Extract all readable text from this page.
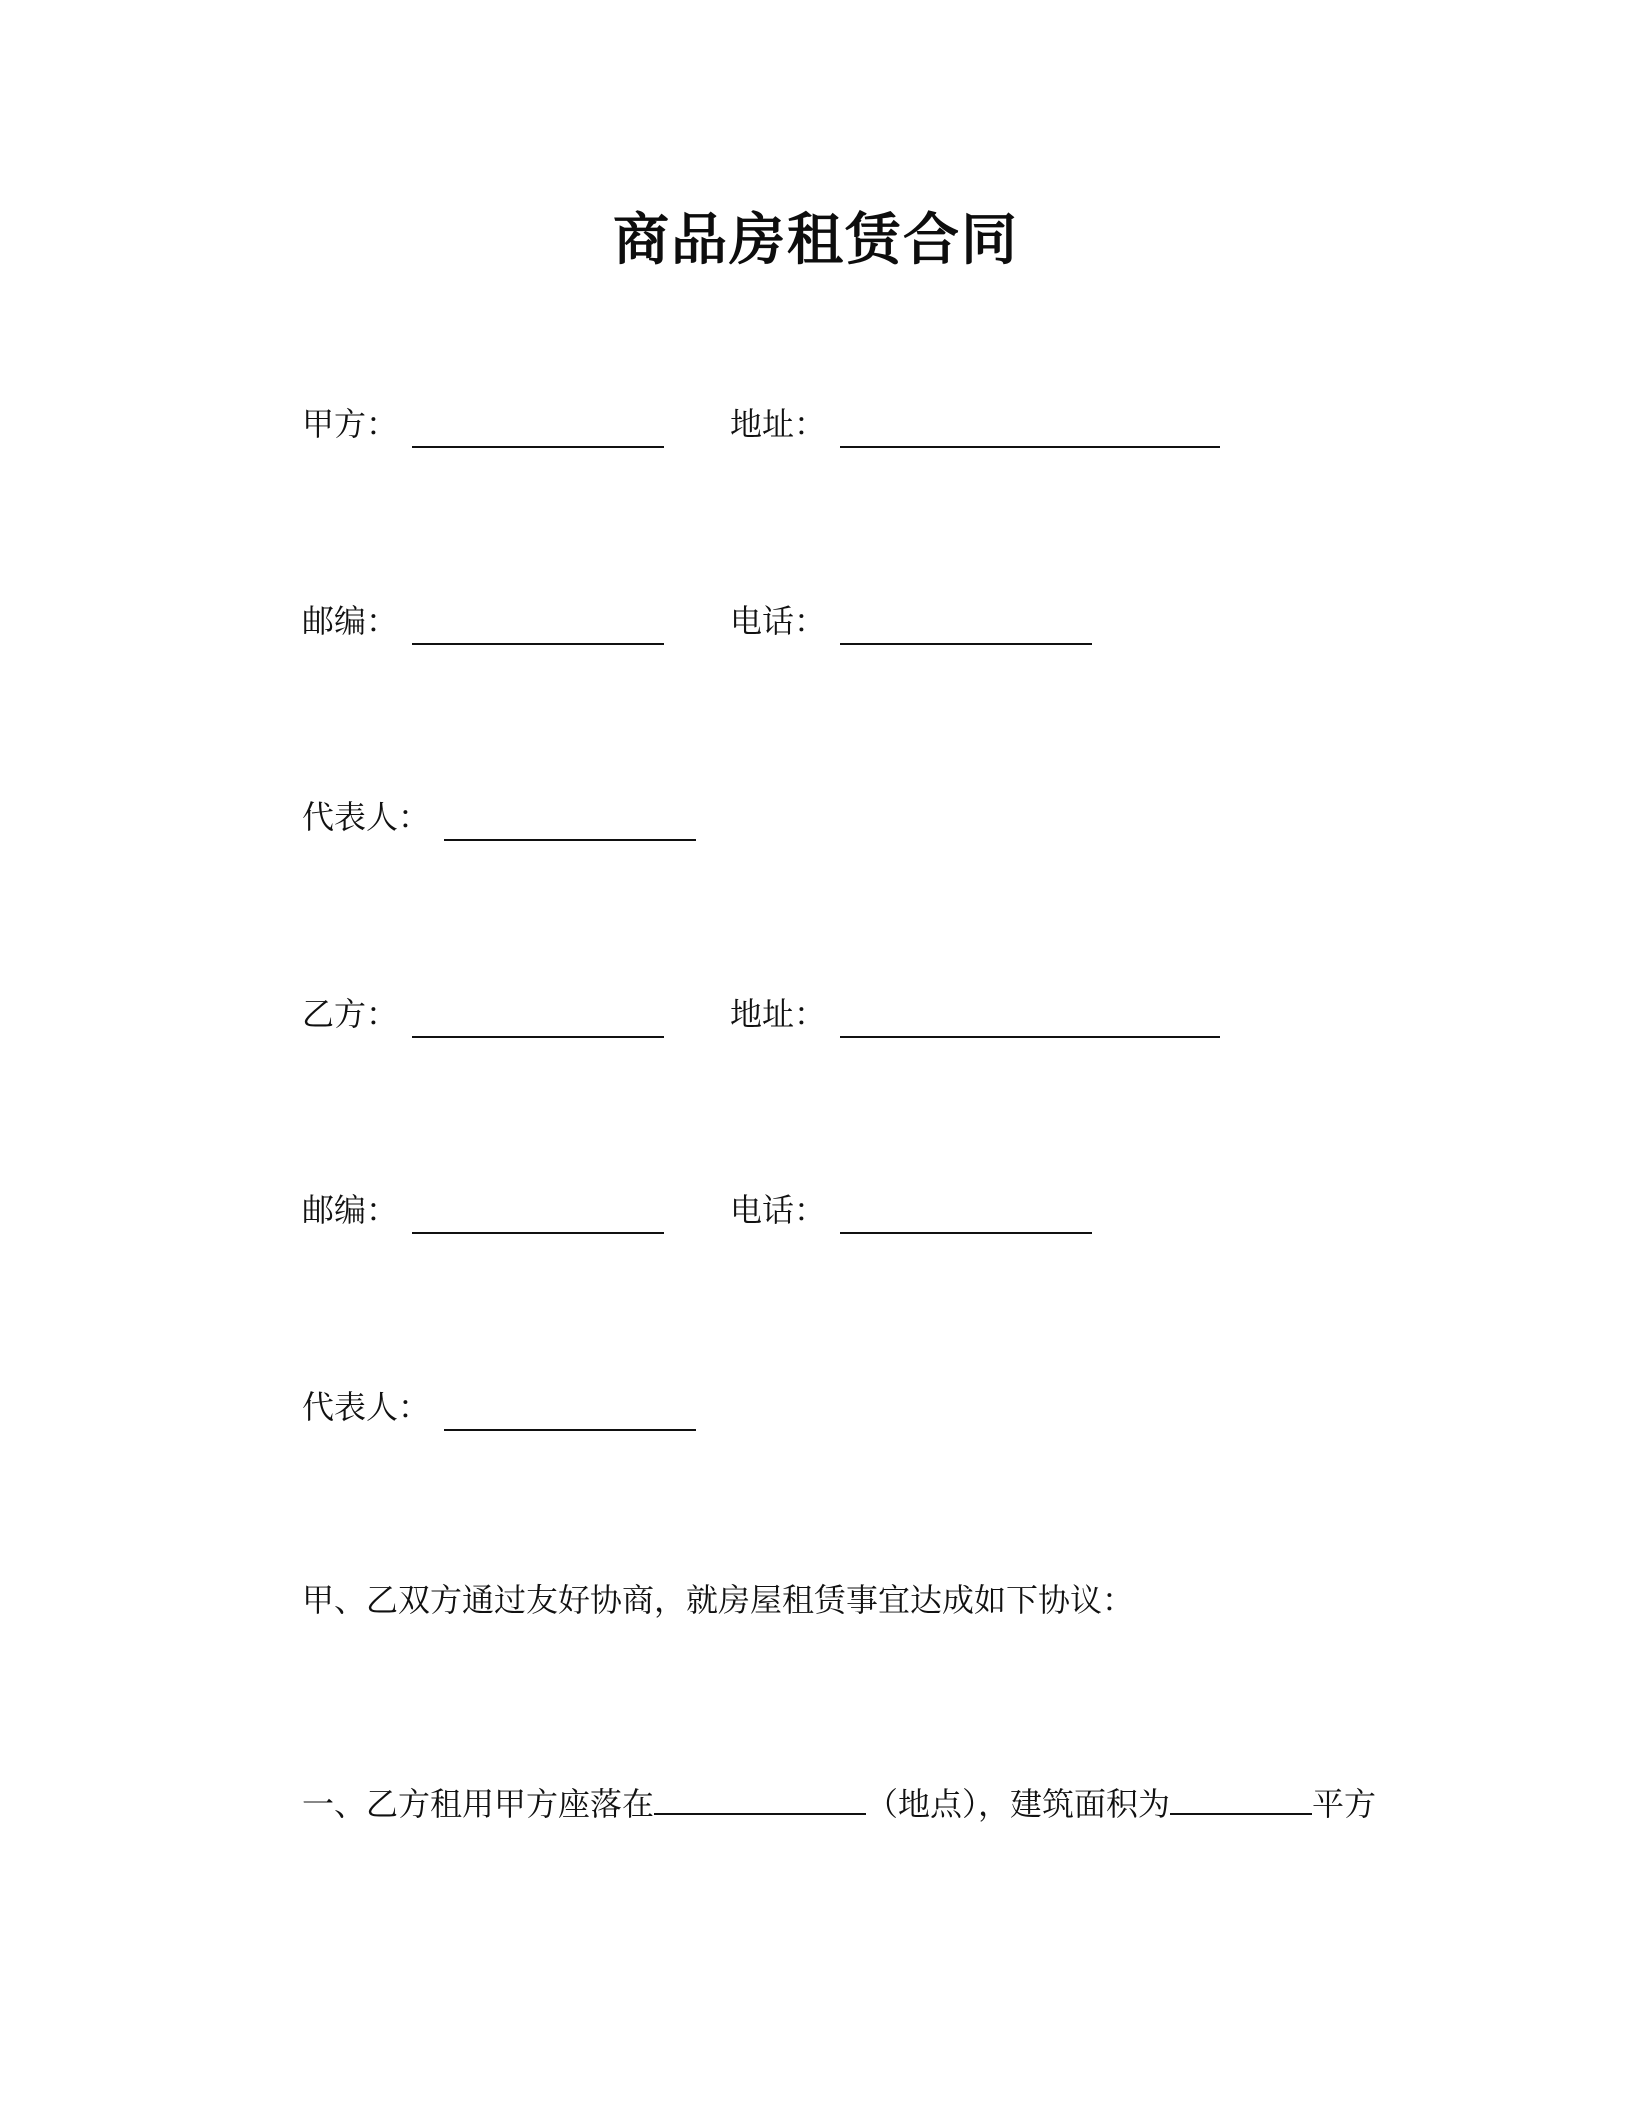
商品房租赁合同
甲方：	地址：
邮编：	电话：
代表人：
乙方：	地址：
邮编：	电话：
代表人：
甲、乙双方通过友好协商，就房屋租赁事宜达成如下协议：
一、乙方租用甲方座落在	（地点），建筑面积为	平方
